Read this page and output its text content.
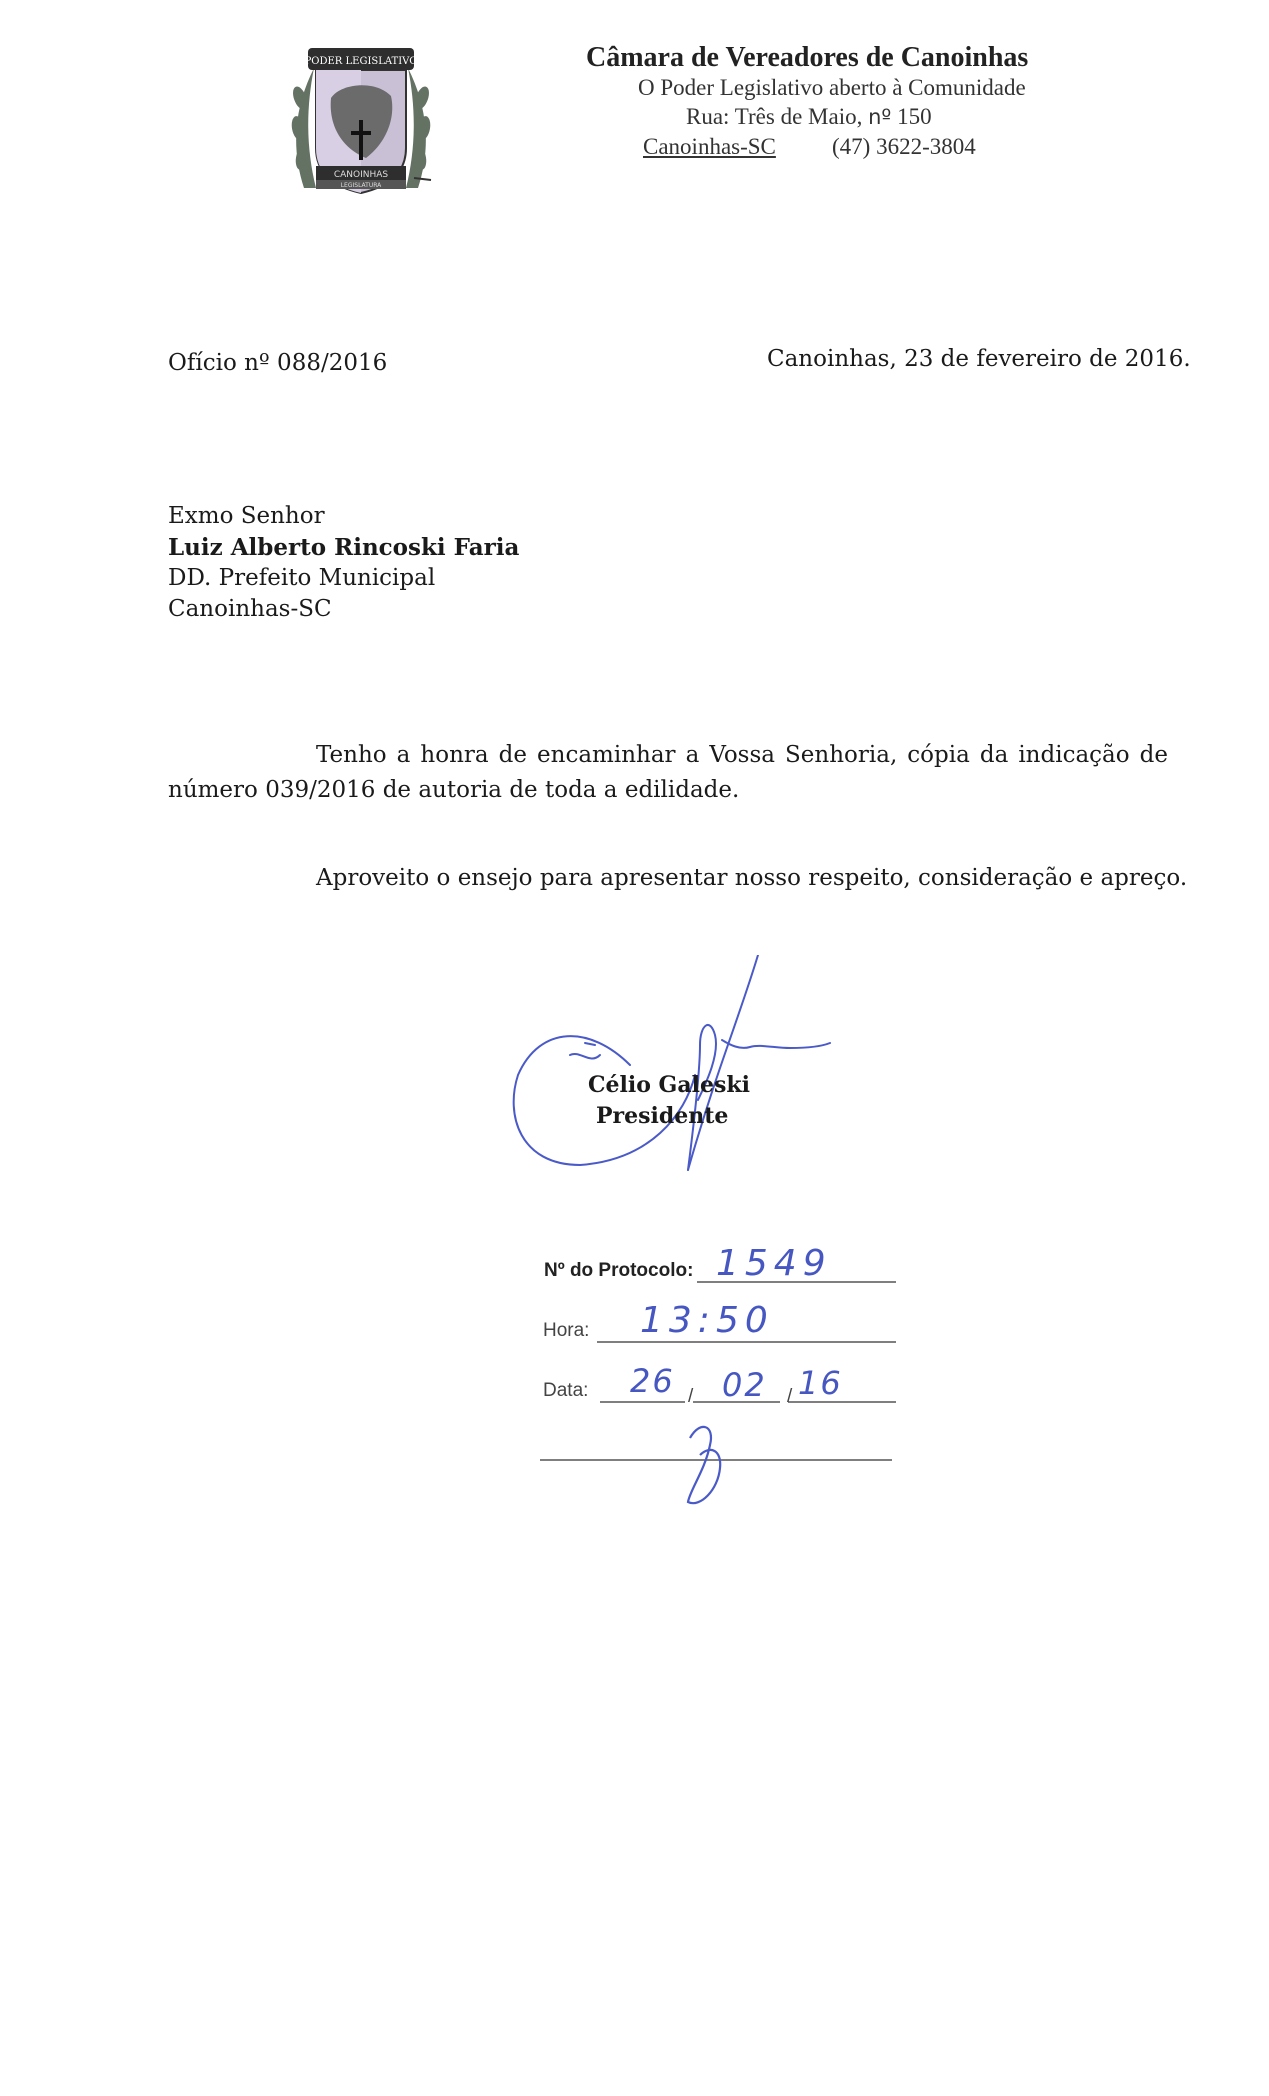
PODER LEGISLATIVO
CANOINHAS
LEGISLATURA
Câmara de Vereadores de Canoinhas
O Poder Legislativo aberto à Comunidade
Rua: Três de Maio, nº 150
Canoinhas-SC (47) 3622-3804
Ofício nº 088/2016	Canoinhas, 23 de fevereiro de 2016.
Exmo Senhor
Luiz Alberto Rincoski Faria
DD. Prefeito Municipal
Canoinhas-SC
Tenho a honra de encaminhar a Vossa Senhoria, cópia da indicação de
número 039/2016 de autoria de toda a edilidade.
Aproveito o ensejo para apresentar nosso respeito, consideração e apreço.
Célio Galeski
Presidente
Nº do Protocolo: 1549
Hora: 13:50
Data: 26 / 02 / 16
